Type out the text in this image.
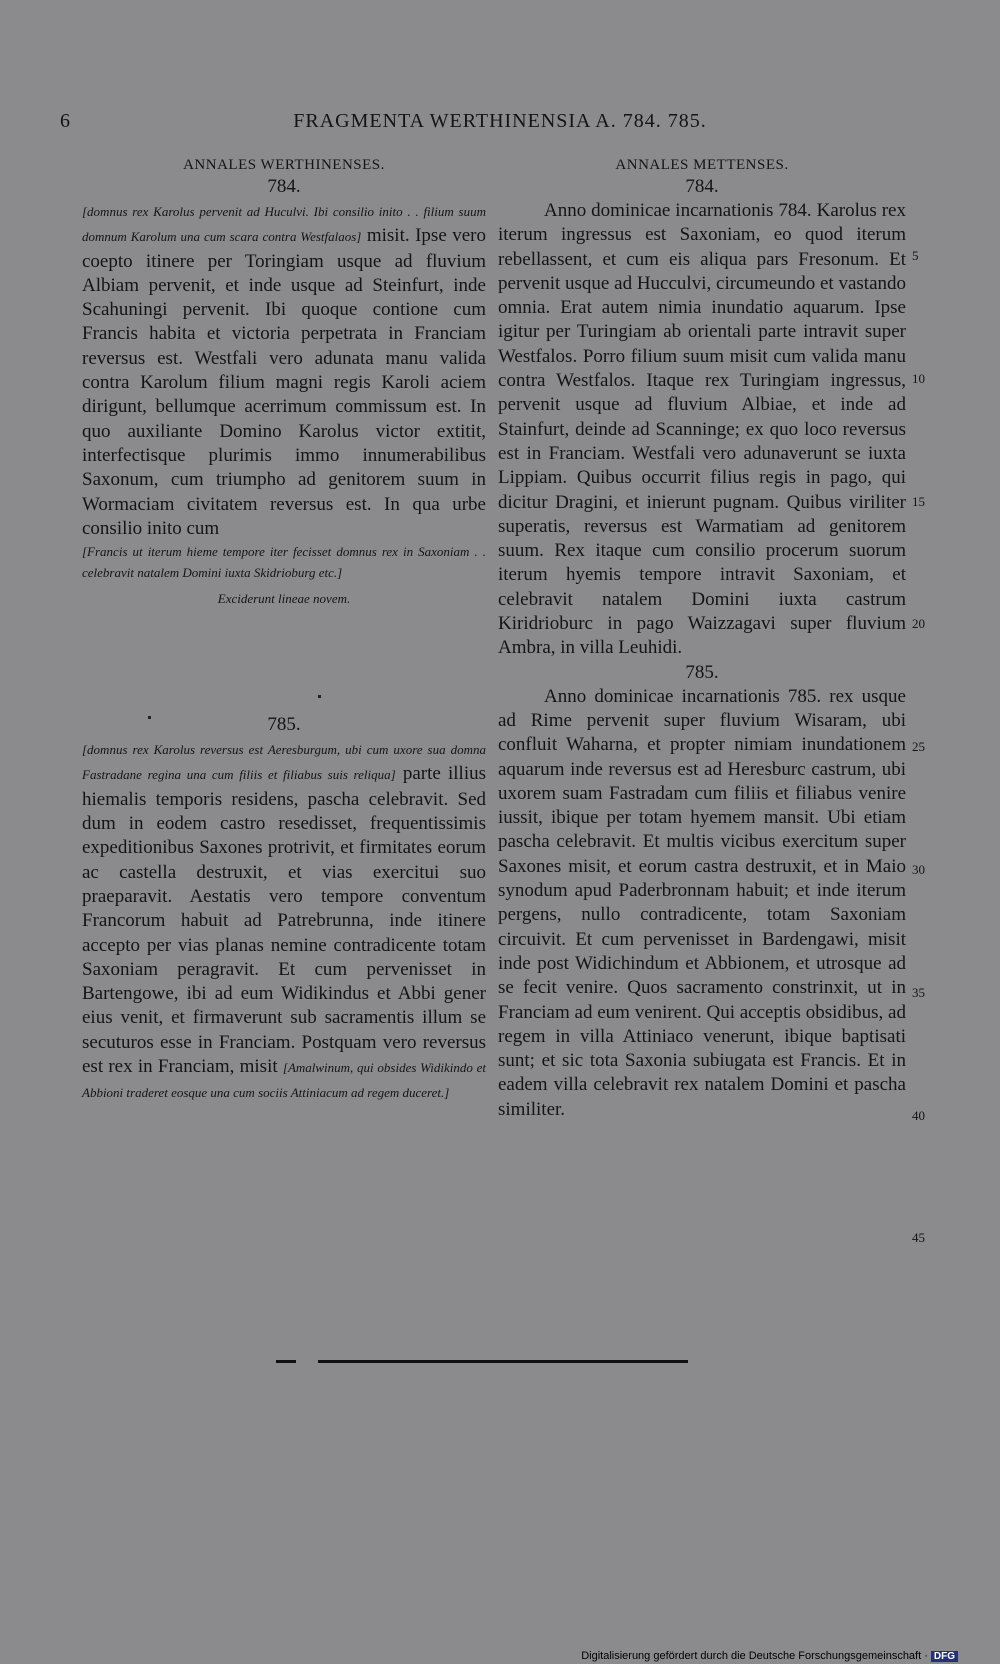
6	FRAGMENTA WERTHINENSIA A. 784. 785.
ANNALES WERTHINENSES.
784.

[domnus rex Karolus pervenit ad Huculvi. Ibi consilio inito . . filium suum domnum Karolum una cum scara contra Westfalaos] misit. Ipse vero coepto itinere per Toringiam usque ad fluvium Albiam pervenit, et inde usque ad Steinfurt, inde Scahuningi pervenit. Ibi quoque contione cum Francis habita et victoria perpetrata in Franciam reversus est. Westfali vero adunata manu valida contra Karolum filium magni regis Karoli aciem dirigunt, bellumque acerrimum commissum est. In quo auxiliante Domino Karolus victor extitit, interfectisque plurimis immo innumerabilibus Saxonum, cum triumpho ad genitorem suum in Wormaciam civitatem reversus est. In qua urbe consilio inito cum

[Francis ut iterum hieme tempore iter fecisset domnus rex in Saxoniam . . celebravit natalem Domini iuxta Skidrioburg etc.]
Exciderunt lineae novem.
785.

[domnus rex Karolus reversus est Aeresburgum, ubi cum uxore sua domna Fastradane regina una cum filiis et filiabus suis reliqua] parte illius hiemalis temporis residens, pascha celebravit. Sed dum in eodem castro resedisset, frequentissimis expeditionibus Saxones protrivit, et firmitates eorum ac castella destruxit, et vias exercitui suo praeparavit. Aestatis vero tempore conventum Francorum habuit ad Patrebrunna, inde itinere accepto per vias planas nemine contradicente totam Saxoniam peragravit. Et cum pervenisset in Bartengowe, ibi ad eum Widikindus et Abbi gener eius venit, et firmaverunt sub sacramentis illum se secuturos esse in Franciam. Postquam vero reversus est rex in Franciam, misit [Amalwinum, qui obsides Widikindo et Abbioni traderet eosque una cum sociis Attiniacum ad regem duceret.]

ANNALES METTENSES.
784.

Anno dominicae incarnationis 784. Karolus rex iterum ingressus est Saxoniam, eo quod iterum rebellassent, et cum eis aliqua pars Fresonum. Et pervenit usque ad Hucculvi, circumeundo et vastando omnia. Erat autem nimia inundatio aquarum. Ipse igitur per Turingiam ab orientali parte intravit super Westfalos. Porro filium suum misit cum valida manu contra Westfalos. Itaque rex Turingiam ingressus, pervenit usque ad fluvium Albiae, et inde ad Stainfurt, deinde ad Scanninge; ex quo loco reversus est in Franciam. Westfali vero adunaverunt se iuxta Lippiam. Quibus occurrit filius regis in pago, qui dicitur Dragini, et inierunt pugnam. Quibus viriliter superatis, reversus est Warmatiam ad genitorem suum. Rex itaque cum consilio procerum suorum iterum hyemis tempore intravit Saxoniam, et celebravit natalem Domini iuxta castrum Kiridrioburc in pago Waizzagavi super fluvium Ambra, in villa Leuhidi.

785.

Anno dominicae incarnationis 785. rex usque ad Rime pervenit super fluvium Wisaram, ubi confluit Waharna, et propter nimiam inundationem aquarum inde reversus est ad Heresburc castrum, ubi uxorem suam Fastradam cum filiis et filiabus venire iussit, ibique per totam hyemem mansit. Ubi etiam pascha celebravit. Et multis vicibus exercitum super Saxones misit, et eorum castra destruxit, et in Maio synodum apud Paderbronnam habuit; et inde iterum pergens, nullo contradicente, totam Saxoniam circuivit. Et cum pervenisset in Bardengawi, misit inde post Widichindum et Abbionem, et utrosque ad se fecit venire. Quos sacramento constrinxit, ut in Franciam ad eum venirent. Qui acceptis obsidibus, ad regem in villa Attiniaco venerunt, ibique baptisati sunt; et sic tota Saxonia subiugata est Francis. Et in eadem villa celebravit rex natalem Domini et pascha similiter.

5
10
15
20
25
30
35
40
45
Digitalisierung gefördert durch die Deutsche Forschungsgemeinschaft · DFG
